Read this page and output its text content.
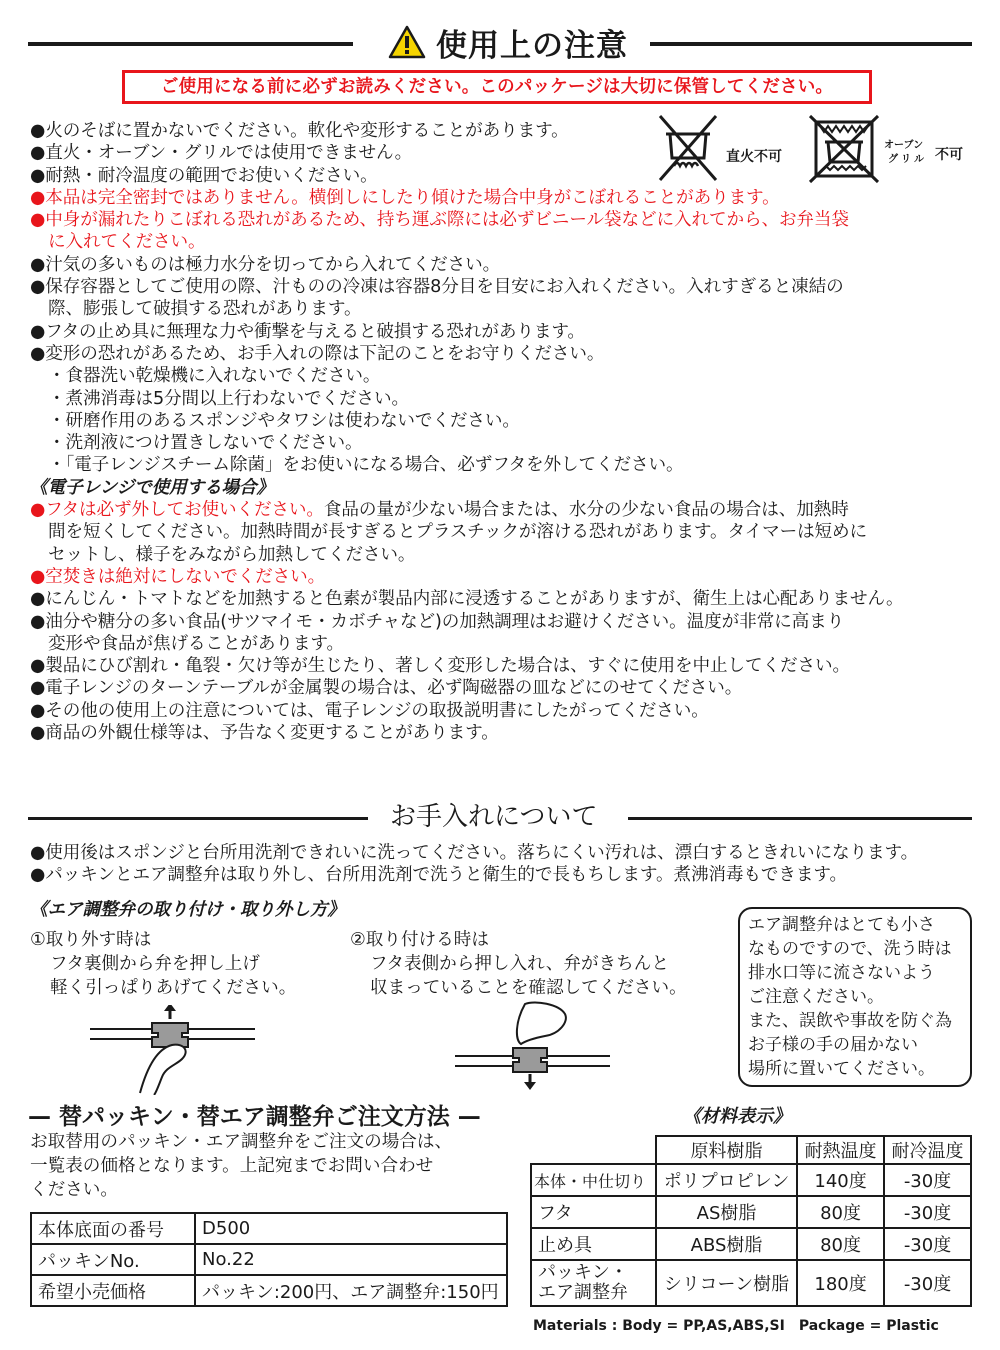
使用上の注意
ご使用になる前に必ずお読みください。このパッケージは大切に保管してください。
直火不可
オーブン
グリル 不可
●火のそばに置かないでください。軟化や変形することがあります。
●直火・オーブン・グリルでは使用できません。
●耐熱・耐冷温度の範囲でお使いください。
●本品は完全密封ではありません。横倒しにしたり傾けた場合中身がこぼれることがあります。
●中身が漏れたりこぼれる恐れがあるため、持ち運ぶ際には必ずビニール袋などに入れてから、お弁当袋
に入れてください。
●汁気の多いものは極力水分を切ってから入れてください。
●保存容器としてご使用の際、汁ものの冷凍は容器8分目を目安にお入れください。入れすぎると凍結の
際、膨張して破損する恐れがあります。
●フタの止め具に無理な力や衝撃を与えると破損する恐れがあります。
●変形の恐れがあるため、お手入れの際は下記のことをお守りください。
・食器洗い乾燥機に入れないでください。
・煮沸消毒は5分間以上行わないでください。
・研磨作用のあるスポンジやタワシは使わないでください。
・洗剤液につけ置きしないでください。
・「電子レンジスチーム除菌」をお使いになる場合、必ずフタを外してください。
《電子レンジで使用する場合》
●フタは必ず外してお使いください。食品の量が少ない場合または、水分の少ない食品の場合は、加熱時
間を短くしてください。加熱時間が長すぎるとプラスチックが溶ける恐れがあります。タイマーは短めに
セットし、様子をみながら加熱してください。
●空焚きは絶対にしないでください。
●にんじん・トマトなどを加熱すると色素が製品内部に浸透することがありますが、衛生上は心配ありません。
●油分や糖分の多い食品(サツマイモ・カボチャなど)の加熱調理はお避けください。温度が非常に高まり
変形や食品が焦げることがあります。
●製品にひび割れ・亀裂・欠け等が生じたり、著しく変形した場合は、すぐに使用を中止してください。
●電子レンジのターンテーブルが金属製の場合は、必ず陶磁器の皿などにのせてください。
●その他の使用上の注意については、電子レンジの取扱説明書にしたがってください。
●商品の外観仕様等は、予告なく変更することがあります。
お手入れについて
●使用後はスポンジと台所用洗剤できれいに洗ってください。落ちにくい汚れは、漂白するときれいになります。
●パッキンとエア調整弁は取り外し、台所用洗剤で洗うと衛生的で長もちします。煮沸消毒もできます。
《エア調整弁の取り付け・取り外し方》
①取り外す時は
フタ裏側から弁を押し上げ
軽く引っぱりあげてください。
②取り付ける時は
フタ表側から押し入れ、弁がきちんと
収まっていることを確認してください。
エア調整弁はとても小さ
なものですので、洗う時は
排水口等に流さないよう
ご注意ください。
また、誤飲や事故を防ぐ為
お子様の手の届かない
場所に置いてください。
— 替パッキン・替エア調整弁ご注文方法 —
お取替用のパッキン・エア調整弁をご注文の場合は、
一覧表の価格となります。上記宛までお問い合わせ
ください。
本体底面の番号	D500
パッキンNo.	No.22
希望小売価格	パッキン:200円、エア調整弁:150円
《材料表示》
	原料樹脂	耐熱温度	耐冷温度
本体・中仕切り	ポリプロピレン	140度	-30度
フタ	AS樹脂	80度	-30度
止め具	ABS樹脂	80度	-30度
パッキン・
エア調整弁	シリコーン樹脂	180度	-30度
Materials : Body = PP,AS,ABS,SI　Package = Plastic
